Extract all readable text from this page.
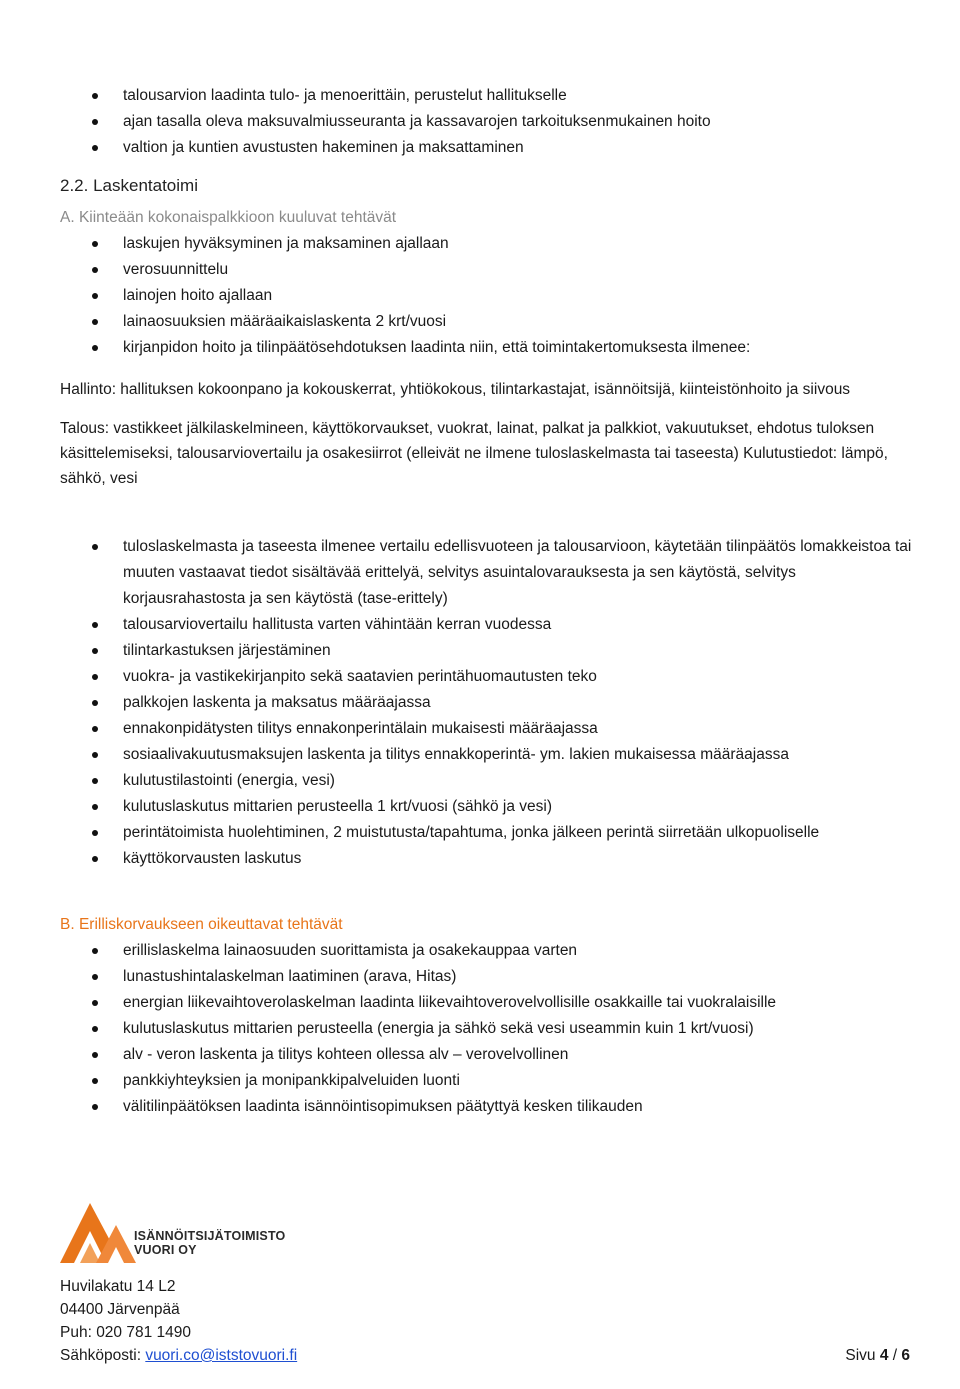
talousarvion laadinta tulo- ja menoerittäin, perustelut hallitukselle
ajan tasalla oleva maksuvalmiusseuranta ja kassavarojen tarkoituksenmukainen hoito
valtion ja kuntien avustusten hakeminen ja maksattaminen
2.2. Laskentatoimi
A. Kiinteään kokonaispalkkioon kuuluvat tehtävät
laskujen hyväksyminen ja maksaminen ajallaan
verosuunnittelu
lainojen hoito ajallaan
lainaosuuksien määräaikaislaskenta 2 krt/vuosi
kirjanpidon hoito ja tilinpäätösehdotuksen laadinta niin, että toimintakertomuksesta ilmenee:

Hallinto: hallituksen kokoonpano ja kokouskerrat, yhtiökokous, tilintarkastajat, isännöitsijä, kiinteistönhoito ja siivous

Talous: vastikkeet jälkilaskelmineen, käyttökorvaukset, vuokrat, lainat, palkat ja palkkiot, vakuutukset, ehdotus tuloksen käsittelemiseksi, talousarviovertailu ja osakesiirrot (elleivät ne ilmene tuloslaskelmasta tai taseesta) Kulutustiedot: lämpö, sähkö, vesi

tuloslaskelmasta ja taseesta ilmenee vertailu edellisvuoteen ja talousarvioon, käytetään tilinpäätös lomakkeistoa tai muuten vastaavat tiedot sisältävää erittelyä, selvitys asuintalovarauksesta ja sen käytöstä, selvitys korjausrahastosta ja sen käytöstä (tase-erittely)
talousarviovertailu hallitusta varten vähintään kerran vuodessa
tilintarkastuksen järjestäminen
vuokra- ja vastikekirjanpito sekä saatavien perintähuomautusten teko
palkkojen laskenta ja maksatus määräajassa
ennakonpidätysten tilitys ennakonperintälain mukaisesti määräajassa
sosiaalivakuutusmaksujen laskenta ja tilitys ennakkoperintä- ym. lakien mukaisessa määräajassa
kulutustilastointi (energia, vesi)
kulutuslaskutus mittarien perusteella 1 krt/vuosi (sähkö ja vesi)
perintätoimista huolehtiminen, 2 muistutusta/tapahtuma, jonka jälkeen perintä siirretään ulkopuoliselle
käyttökorvausten laskutus
B. Erilliskorvaukseen oikeuttavat tehtävät
erillislaskelma lainaosuuden suorittamista ja osakekauppaa varten
lunastushintalaskelman laatiminen (arava, Hitas)
energian liikevaihtoverolaskelman laadinta liikevaihtoverovelvollisille osakkaille tai vuokralaisille
kulutuslaskutus mittarien perusteella (energia ja sähkö sekä vesi useammin kuin 1 krt/vuosi)
alv - veron laskenta ja tilitys kohteen ollessa alv – verovelvollinen
pankkiyhteyksien ja monipankkipalveluiden luonti
välitilinpäätöksen laadinta isännöintisopimuksen päätyttyä kesken tilikauden
ISÄNNÖITSIJÄTOIMISTO
VUORI OY
Huvilakatu 14 L2
04400 Järvenpää
Puh: 020 781 1490
Sähköposti: vuori.co@iststovuori.fi	Sivu 4 / 6
